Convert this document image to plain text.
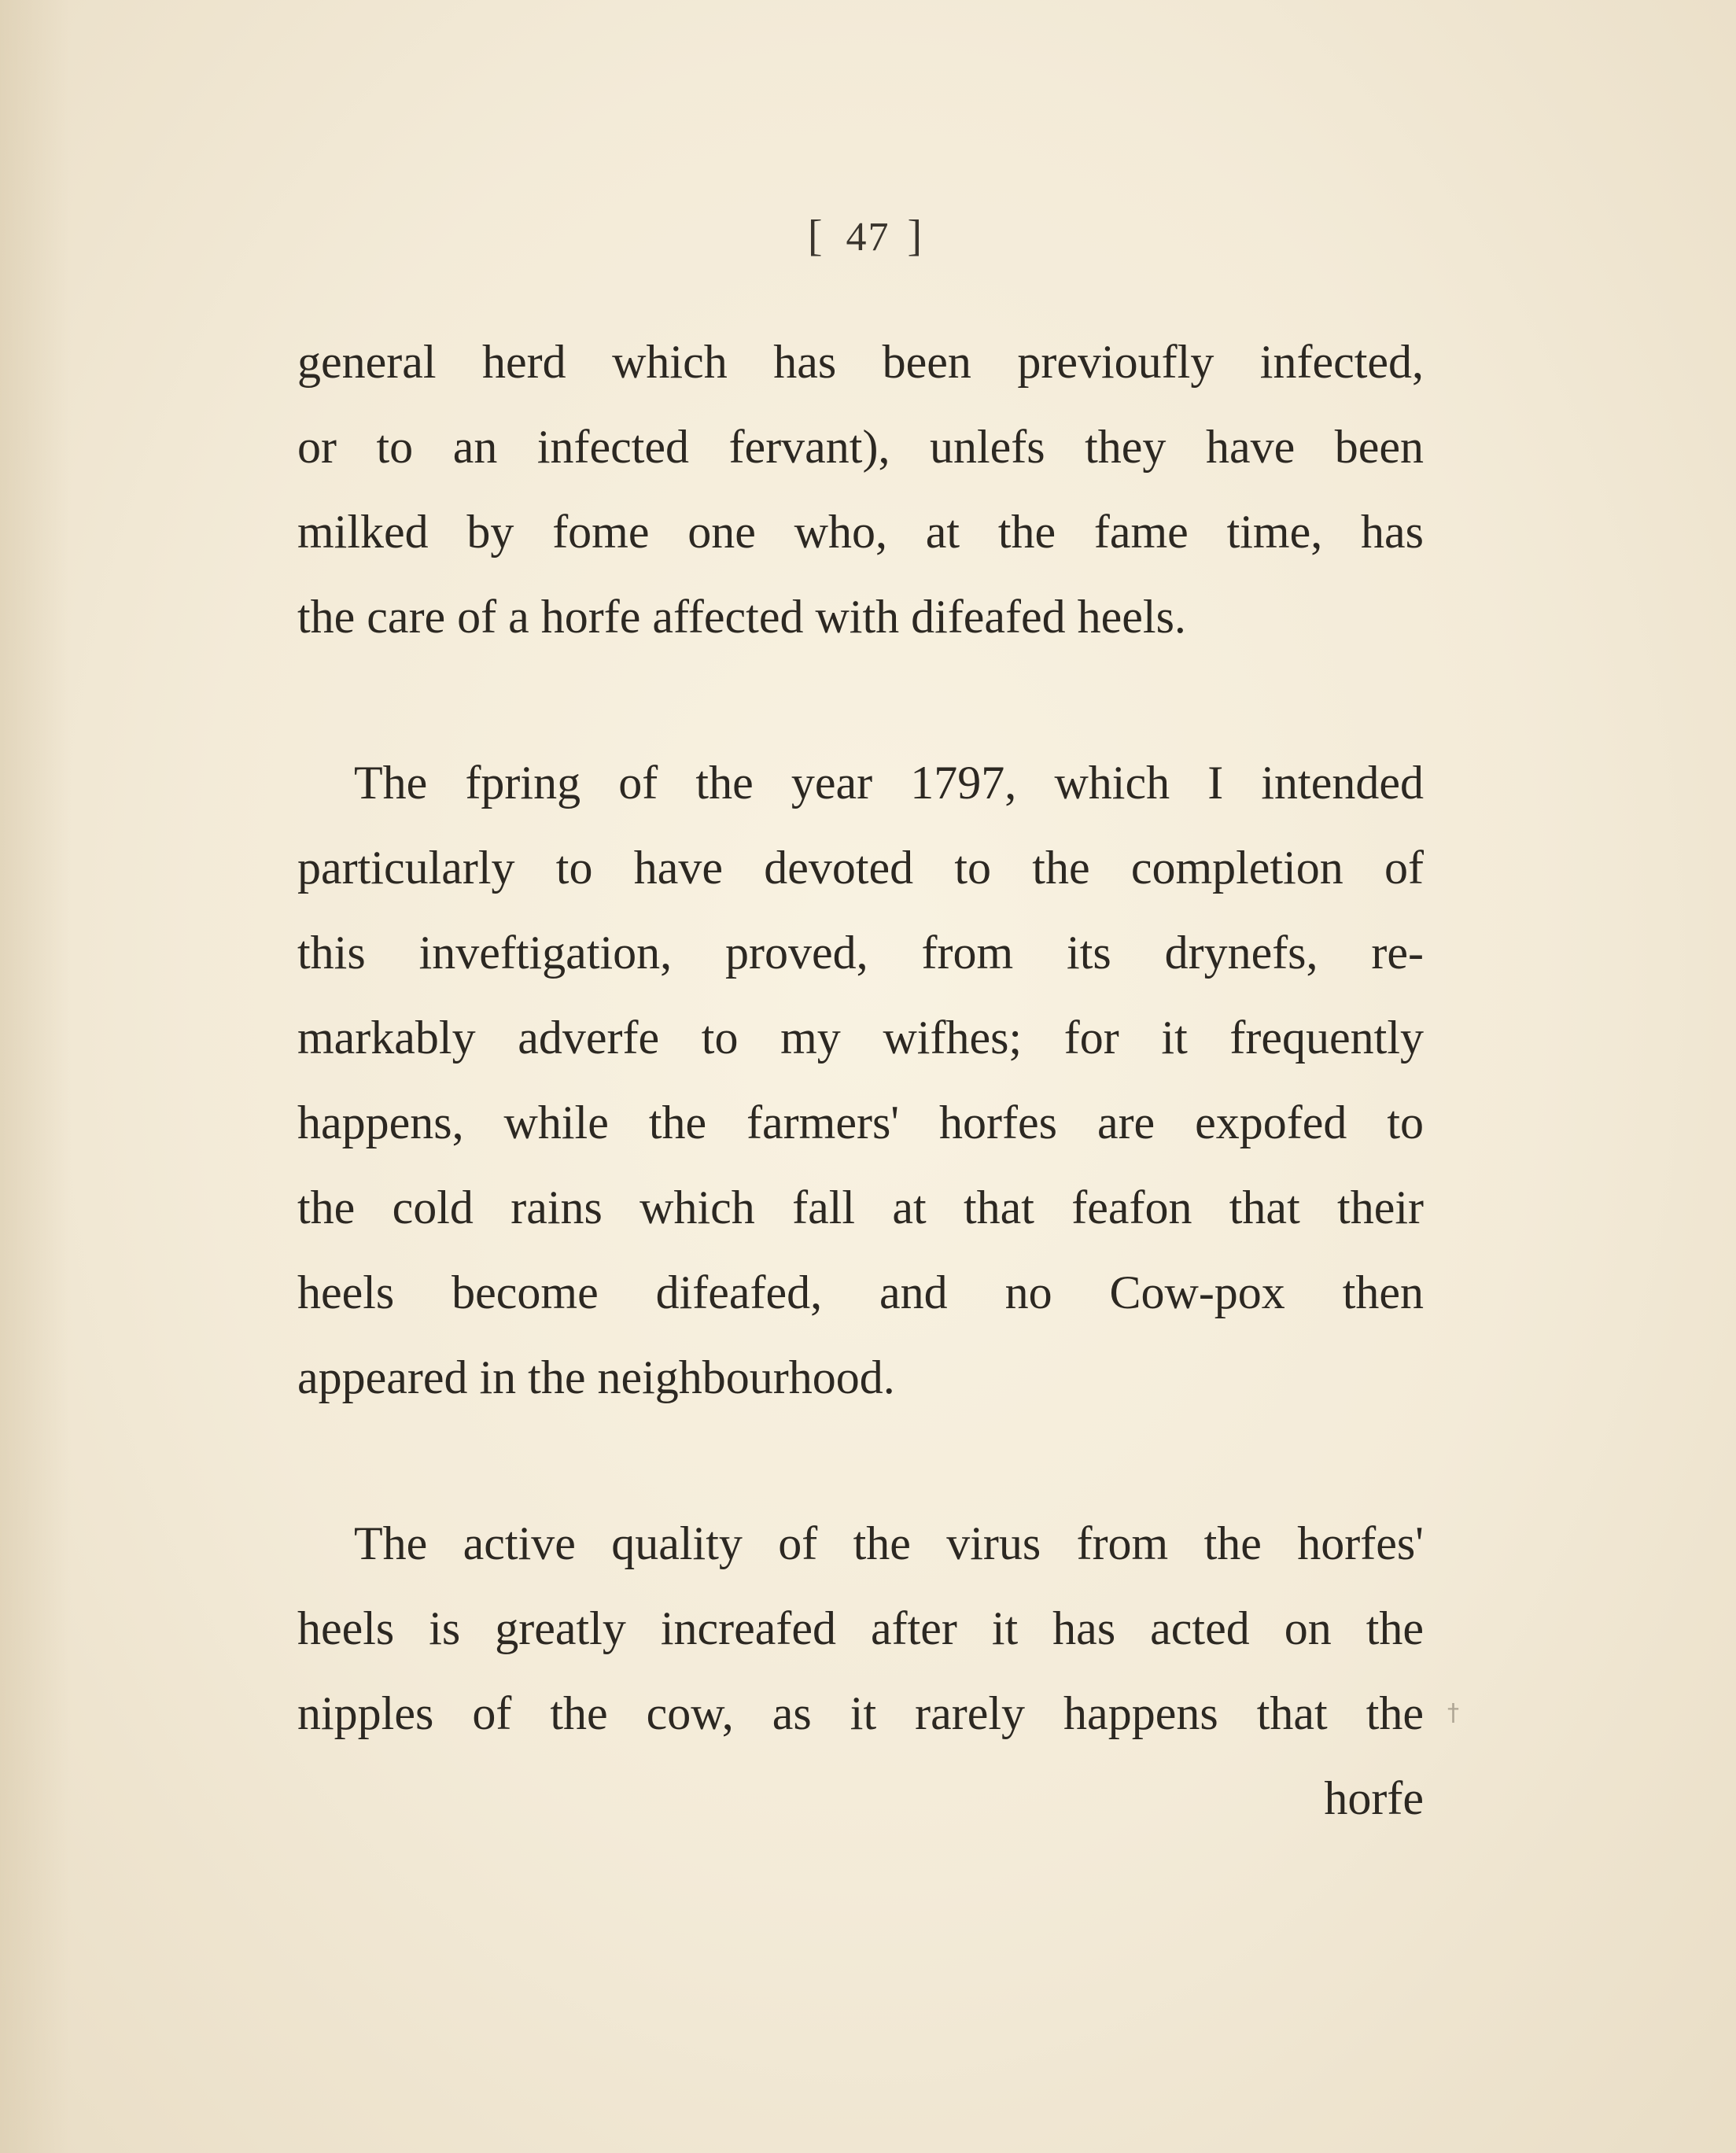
[ 47 ]
general herd which has been previoufly infected,
or to an infected fervant), unlefs they have been
milked by fome one who, at the fame time, has
the care of a horfe affected with difeafed heels.
The fpring of the year 1797, which I intended
particularly to have devoted to the completion of
this inveftigation, proved, from its drynefs, re-
markably adverfe to my wifhes; for it frequently
happens, while the farmers' horfes are expofed to
the cold rains which fall at that feafon that their
heels become difeafed, and no Cow-pox then
appeared in the neighbourhood.
The active quality of the virus from the horfes'
heels is greatly increafed after it has acted on the
nipples of the cow, as it rarely happens that the
horfe
†
